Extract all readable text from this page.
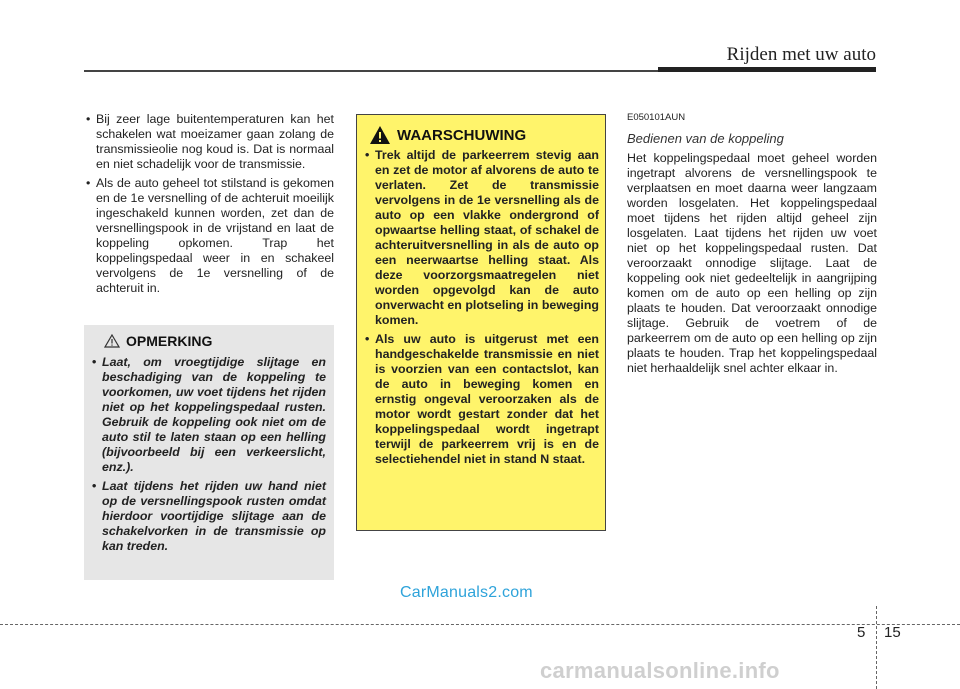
Rijden met uw auto
• Bij zeer lage buitentemperaturen kan het schakelen wat moeizamer gaan zolang de transmissieolie nog koud is. Dat is normaal en niet schadelijk voor de transmissie.
• Als de auto geheel tot stilstand is gekomen en de 1e versnelling of de achteruit moeilijk ingeschakeld kunnen worden, zet dan de versnellingspook in de vrijstand en laat de koppeling opkomen. Trap het koppelingspedaal weer in en schakeel vervolgens de 1e versnelling of de achteruit in.
OPMERKING
• Laat, om vroegtijdige slijtage en beschadiging van de koppeling te voorkomen, uw voet tijdens het rijden niet op het koppelingspedaal rusten. Gebruik de koppeling ook niet om de auto stil te laten staan op een helling (bijvoorbeeld bij een verkeerslicht, enz.).
• Laat tijdens het rijden uw hand niet op de versnellingspook rusten omdat hierdoor voortijdige slijtage aan de schakelvorken in de transmissie op kan treden.
WAARSCHUWING
• Trek altijd de parkeerrem stevig aan en zet de motor af alvorens de auto te verlaten. Zet de transmissie vervolgens in de 1e versnelling als de auto op een vlakke ondergrond of opwaartse helling staat, of schakel de achteruitversnelling in als de auto op een neerwaartse helling staat. Als deze voorzorgsmaatregelen niet worden opgevolgd kan de auto onverwacht en plotseling in beweging komen.
• Als uw auto is uitgerust met een handgeschakelde transmissie en niet is voorzien van een contactslot, kan de auto in beweging komen en ernstig ongeval veroorzaken als de motor wordt gestart zonder dat het koppelingspedaal wordt ingetrapt terwijl de parkeerrem vrij is en de selectiehendel niet in stand N staat.
E050101AUN
Bedienen van de koppeling
Het koppelingspedaal moet geheel worden ingetrapt alvorens de versnellingspook te verplaatsen en moet daarna weer langzaam worden losgelaten. Het koppelingspedaal moet tijdens het rijden altijd geheel zijn losgelaten. Laat tijdens het rijden uw voet niet op het koppelingspedaal rusten. Dat veroorzaakt onnodige slijtage. Laat de koppeling ook niet gedeeltelijk in aangrijping komen om de auto op een helling op zijn plaats te houden. Dat veroorzaakt onnodige slijtage. Gebruik de voetrem of de parkeerrem om de auto op een helling op zijn plaats te houden. Trap het koppelingspedaal niet herhaaldelijk snel achter elkaar in.
CarManuals2.com
5 15
carmanualsonline.info
